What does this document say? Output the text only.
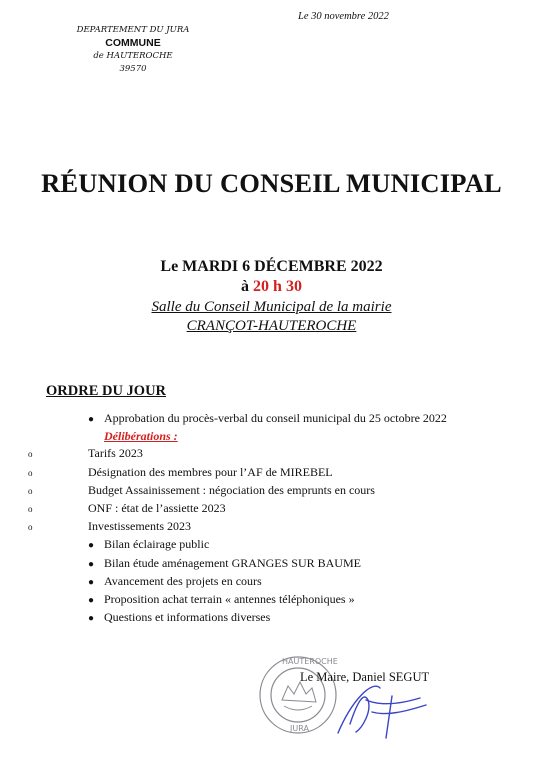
DEPARTEMENT DU JURA
COMMUNE
de HAUTEROCHE
39570
Le 30 novembre 2022
RÉUNION DU CONSEIL MUNICIPAL
Le MARDI 6 DÉCEMBRE 2022
à 20 h 30
Salle du Conseil Municipal de la mairie
CRANÇOT-HAUTEROCHE
ORDRE DU JOUR
● Approbation du procès-verbal du conseil municipal du 25 octobre 2022
Délibérations :
o	Tarifs 2023
o	Désignation des membres pour l’AF de MIREBEL
o	Budget Assainissement : négociation des emprunts en cours
o	ONF : état de l’assiette 2023
o	Investissements 2023
● Bilan éclairage public
● Bilan étude aménagement GRANGES SUR BAUME
● Avancement des projets en cours
● Proposition achat terrain « antennes téléphoniques »
● Questions et informations diverses
HAUTEROCHE
JURA
Le Maire, Daniel SEGUT
